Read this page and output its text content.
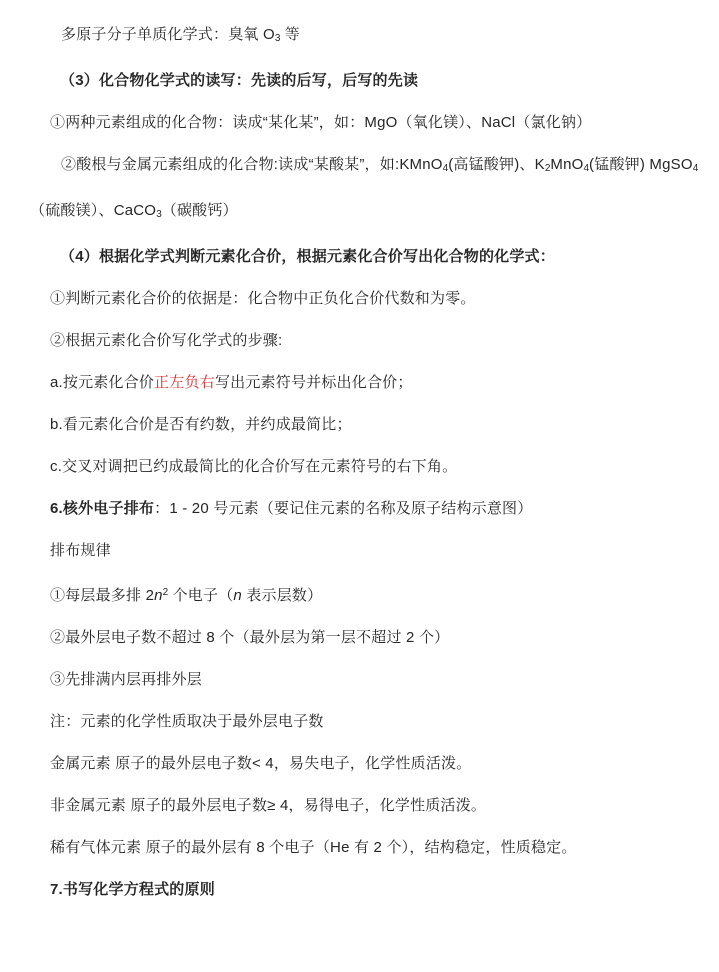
多原子分子单质化学式：臭氧 O3 等

（3）化合物化学式的读写：先读的后写，后写的先读

①两种元素组成的化合物：读成“某化某”，如：MgO（氧化镁）、NaCl（氯化钠）

②酸根与金属元素组成的化合物:读成“某酸某”，如:KMnO4(高锰酸钾)、K2MnO4(锰酸钾) MgSO4

（硫酸镁）、CaCO3（碳酸钙）

（4）根据化学式判断元素化合价，根据元素化合价写出化合物的化学式：

①判断元素化合价的依据是：化合物中正负化合价代数和为零。

②根据元素化合价写化学式的步骤:

a.按元素化合价正左负右写出元素符号并标出化合价；

b.看元素化合价是否有约数，并约成最简比；

c.交叉对调把已约成最简比的化合价写在元素符号的右下角。

6.核外电子排布：1 - 20 号元素（要记住元素的名称及原子结构示意图）

排布规律

①每层最多排 $2n^2$ 个电子（n 表示层数）

②最外层电子数不超过 8 个（最外层为第一层不超过 2 个）

③先排满内层再排外层

注：元素的化学性质取决于最外层电子数

金属元素 原子的最外层电子数< 4，易失电子，化学性质活泼。

非金属元素 原子的最外层电子数≥ 4，易得电子，化学性质活泼。

稀有气体元素 原子的最外层有 8 个电子（He 有 2 个），结构稳定，性质稳定。

7.书写化学方程式的原则
